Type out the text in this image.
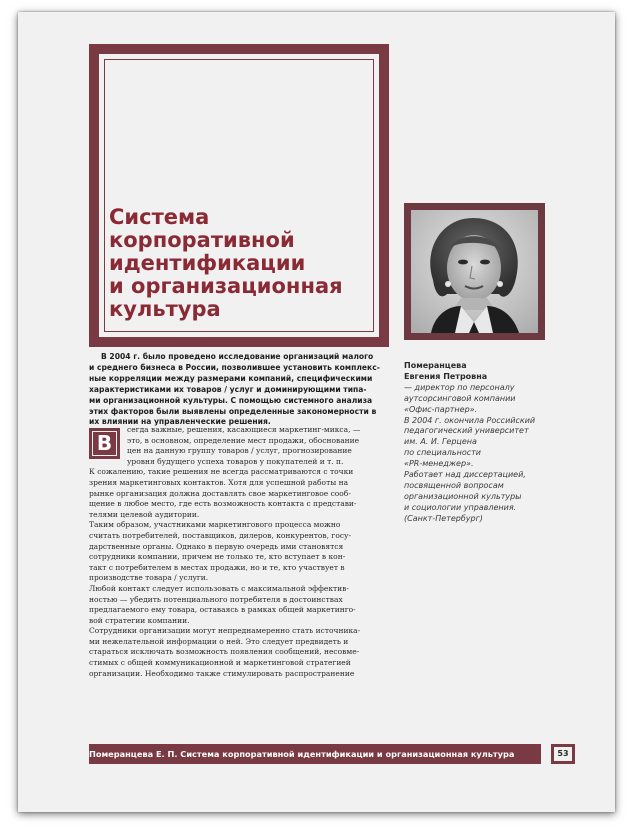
Система
корпоративной
идентификации
и организационная
культура
В 2004 г. было проведено исследование организаций малого
и среднего бизнеса в России, позволившее установить комплекс-
ные корреляции между размерами компаний, специфическими
характеристиками их товаров / услуг и доминирующими типа-
ми организационной культуры. С помощью системного анализа
этих факторов были выявлены определенные закономерности в
их влиянии на управленческие решения.
В
сегда важные, решения, касающиеся маркетинг-микса, —
это, в основном, определение мест продажи, обоснование
цен на данную группу товаров / услуг, прогнозирование
уровня будущего успеха товаров у покупателей и т. п.
К сожалению, такие решения не всегда рассматриваются с точки
зрения маркетинговых контактов. Хотя для успешной работы на
рынке организация должна доставлять свое маркетинговое сооб-
щение в любое место, где есть возможность контакта с представи-
телями целевой аудитории.
Таким образом, участниками маркетингового процесса можно
считать потребителей, поставщиков, дилеров, конкурентов, госу-
дарственные органы. Однако в первую очередь ими становятся
сотрудники компании, причем не только те, кто вступает в кон-
такт с потребителем в местах продажи, но и те, кто участвует в
производстве товара / услуги.
Любой контакт следует использовать с максимальной эффектив-
ностью — убедить потенциального потребителя в достоинствах
предлагаемого ему товара, оставаясь в рамках общей маркетинго-
вой стратегии компании.
Сотрудники организации могут непреднамеренно стать источника-
ми нежелательной информации о ней. Это следует предвидеть и
стараться исключать возможность появления сообщений, несовме-
стимых с общей коммуникационной и маркетинговой стратегией
организации. Необходимо также стимулировать распространение
Померанцева
Евгения Петровна
— директор по персоналу
аутсорсинговой компании
«Офис-партнер».
В 2004 г. окончила Российский
педагогический университет
им. А. И. Герцена
по специальности
«PR-менеджер».
Работает над диссертацией,
посвященной вопросам
организационной культуры
и социологии управления.
(Санкт-Петербург)
Померанцева Е. П. Система корпоративной идентификации и организационная культура	53
